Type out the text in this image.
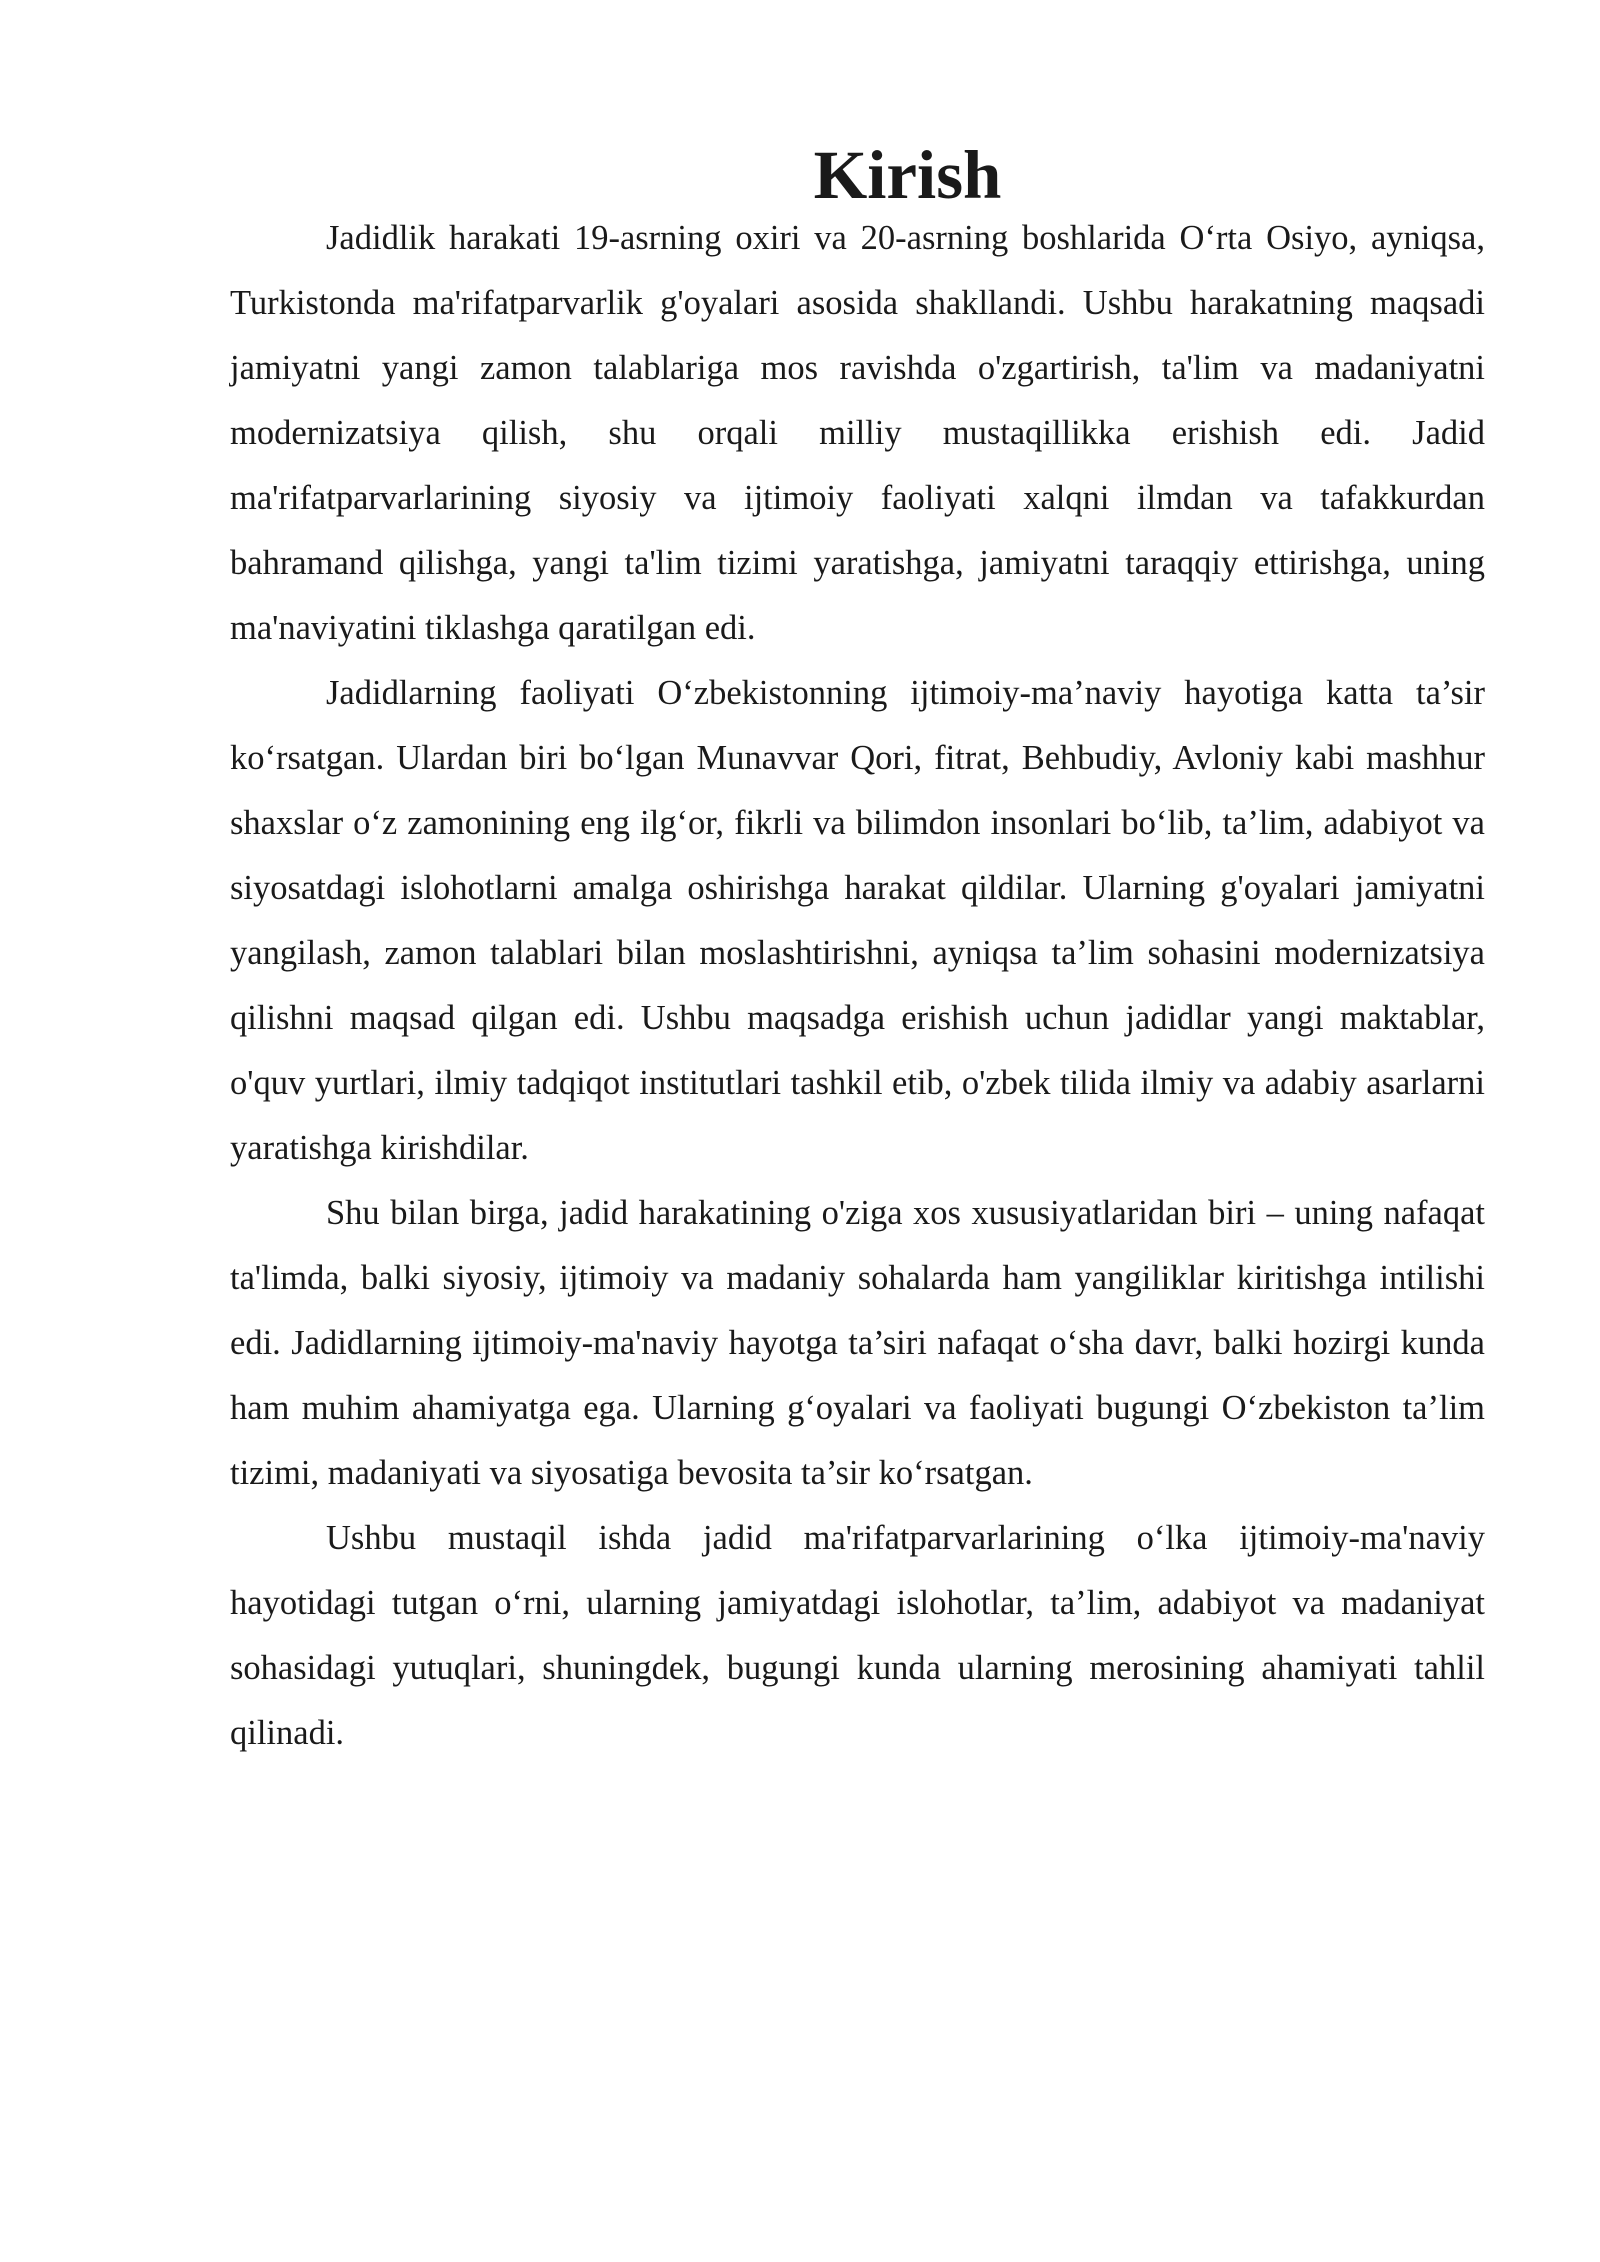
Kirish

Jadidlik harakati 19-asrning oxiri va 20-asrning boshlarida O‘rta Osiyo, ayniqsa, Turkistonda ma'rifatparvarlik g'oyalari asosida shakllandi. Ushbu harakatning maqsadi jamiyatni yangi zamon talablariga mos ravishda o'zgartirish, ta'lim va madaniyatni modernizatsiya qilish, shu orqali milliy mustaqillikka erishish edi. Jadid ma'rifatparvarlarining siyosiy va ijtimoiy faoliyati xalqni ilmdan va tafakkurdan bahramand qilishga, yangi ta'lim tizimi yaratishga, jamiyatni taraqqiy ettirishga, uning ma'naviyatini tiklashga qaratilgan edi.

Jadidlarning faoliyati O‘zbekistonning ijtimoiy-ma’naviy hayotiga katta ta’sir ko‘rsatgan. Ulardan biri bo‘lgan Munavvar Qori, fitrat, Behbudiy, Avloniy kabi mashhur shaxslar o‘z zamonining eng ilg‘or, fikrli va bilimdon insonlari bo‘lib, ta’lim, adabiyot va siyosatdagi islohotlarni amalga oshirishga harakat qildilar. Ularning g'oyalari jamiyatni yangilash, zamon talablari bilan moslashtirishni, ayniqsa ta’lim sohasini modernizatsiya qilishni maqsad qilgan edi. Ushbu maqsadga erishish uchun jadidlar yangi maktablar, o'quv yurtlari, ilmiy tadqiqot institutlari tashkil etib, o'zbek tilida ilmiy va adabiy asarlarni yaratishga kirishdilar.

Shu bilan birga, jadid harakatining o'ziga xos xususiyatlaridan biri – uning nafaqat ta'limda, balki siyosiy, ijtimoiy va madaniy sohalarda ham yangiliklar kiritishga intilishi edi. Jadidlarning ijtimoiy-ma'naviy hayotga ta’siri nafaqat o‘sha davr, balki hozirgi kunda ham muhim ahamiyatga ega. Ularning g‘oyalari va faoliyati bugungi O‘zbekiston ta’lim tizimi, madaniyati va siyosatiga bevosita ta’sir ko‘rsatgan.

Ushbu mustaqil ishda jadid ma'rifatparvarlarining o‘lka ijtimoiy-ma'naviy hayotidagi tutgan o‘rni, ularning jamiyatdagi islohotlar, ta’lim, adabiyot va madaniyat sohasidagi yutuqlari, shuningdek, bugungi kunda ularning merosining ahamiyati tahlil qilinadi.
